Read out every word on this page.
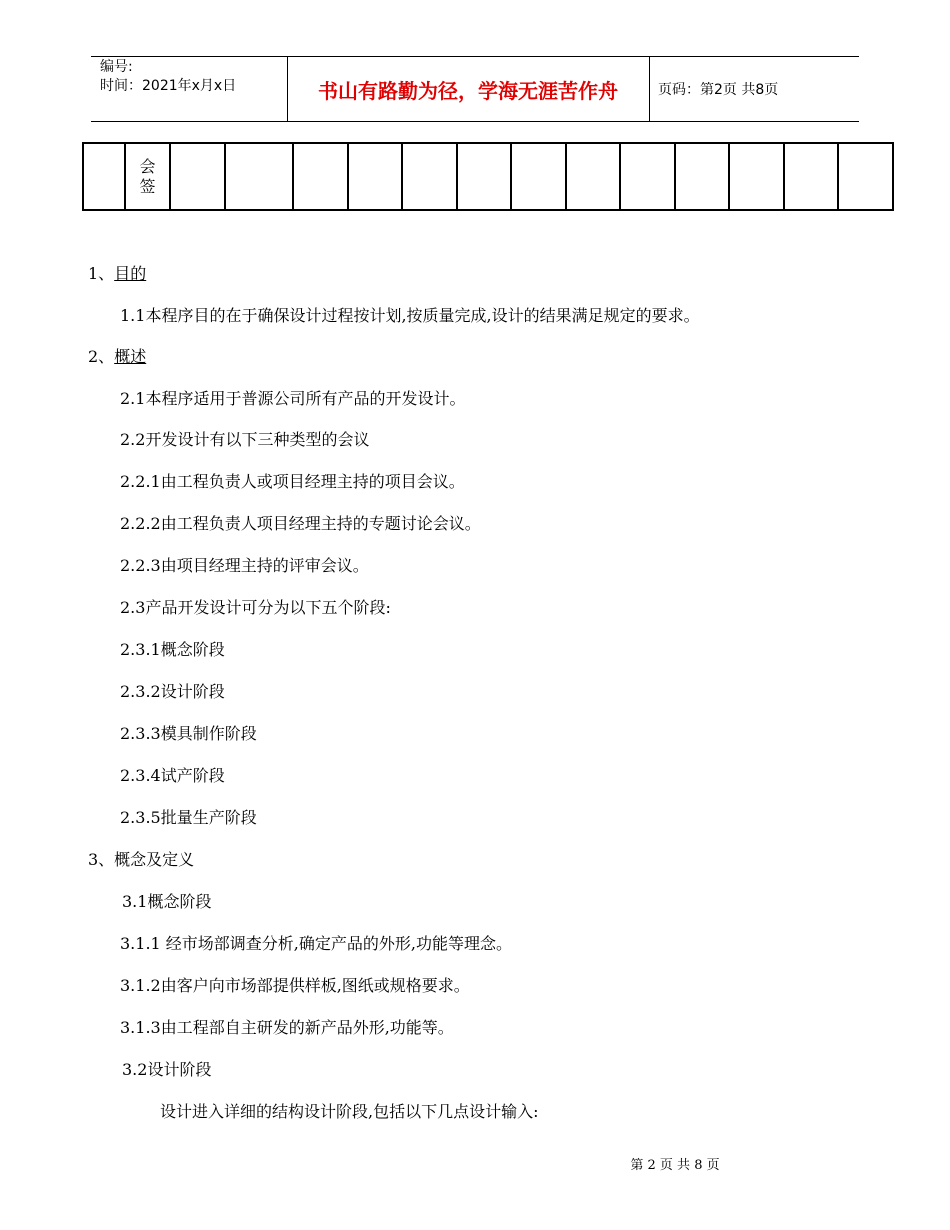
编号:
时间：2021年x月x日	书山有路勤为径，学海无涯苦作舟	页码：第2页 共8页

会
签

1、目的
1.1本程序目的在于确保设计过程按计划,按质量完成,设计的结果满足规定的要求。
2、概述
2.1本程序适用于普源公司所有产品的开发设计。
2.2开发设计有以下三种类型的会议
2.2.1由工程负责人或项目经理主持的项目会议。
2.2.2由工程负责人项目经理主持的专题讨论会议。
2.2.3由项目经理主持的评审会议。
2.3产品开发设计可分为以下五个阶段:
2.3.1概念阶段
2.3.2设计阶段
2.3.3模具制作阶段
2.3.4试产阶段
2.3.5批量生产阶段
3、概念及定义
3.1概念阶段
3.1.1 经市场部调查分析,确定产品的外形,功能等理念。
3.1.2由客户向市场部提供样板,图纸或规格要求。
3.1.3由工程部自主研发的新产品外形,功能等。
3.2设计阶段
设计进入详细的结构设计阶段,包括以下几点设计输入:
第 2 页 共 8 页
